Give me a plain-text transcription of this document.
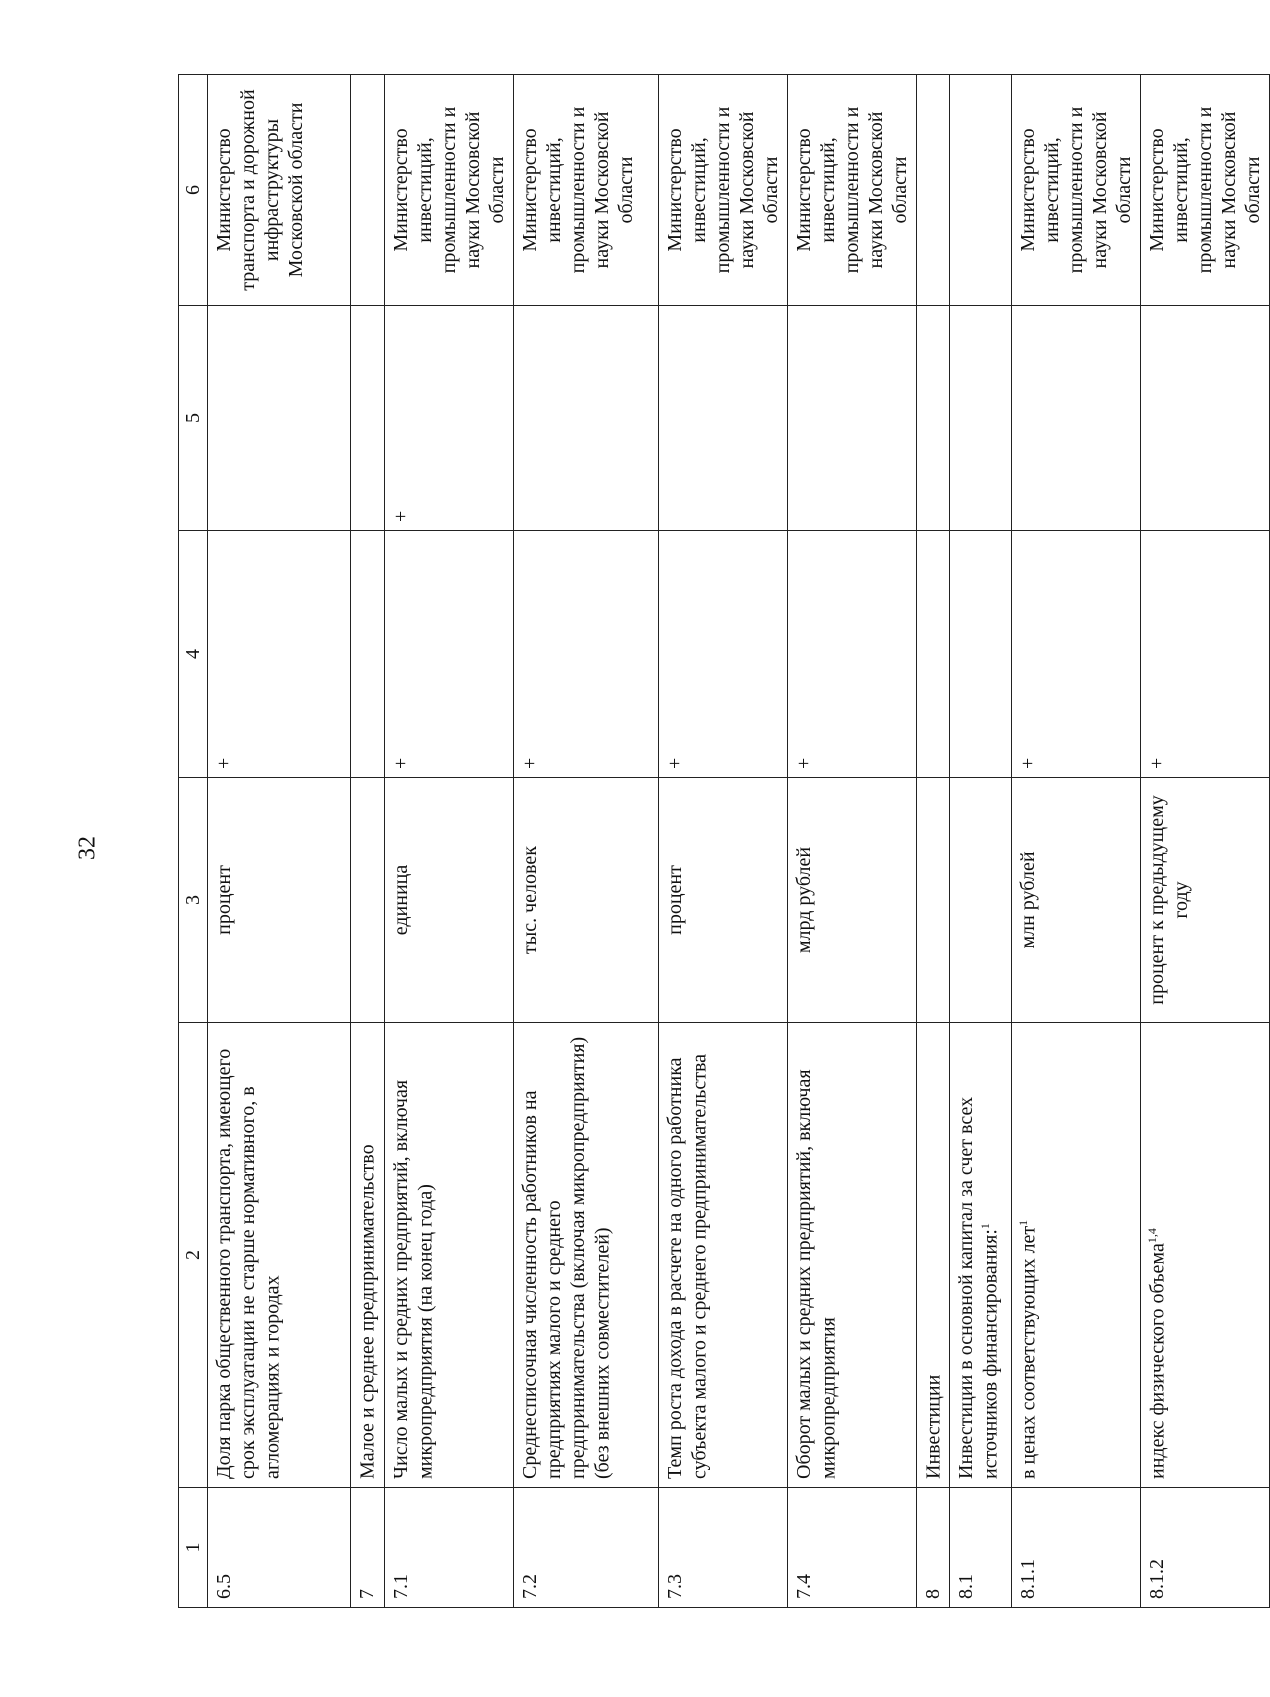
32
1	2	3	4	5	6
6.5	Доля парка общественного транспорта, имеющего срок эксплуатации не старше нормативного, в агломерациях и городах	процент	+		Министерство транспорта и дорожной инфраструктуры Московской области
7	Малое и среднее предпринимательство				
7.1	Число малых и средних предприятий, включая микропредприятия (на конец года)	единица	+	+	Министерство инвестиций, промышленности и науки Московской области
7.2	Среднесписочная численность работников на предприятиях малого и среднего предпринимательства (включая микропредприятия) (без внешних совместителей)	тыс. человек	+		Министерство инвестиций, промышленности и науки Московской области
7.3	Темп роста дохода в расчете на одного работника субъекта малого и среднего предпринимательства	процент	+		Министерство инвестиций, промышленности и науки Московской области
7.4	Оборот малых и средних предприятий, включая микропредприятия	млрд рублей	+		Министерство инвестиций, промышленности и науки Московской области
8	Инвестиции				
8.1	Инвестиции в основной капитал за счет всех источников финансирования:$^1$				
8.1.1	в ценах соответствующих лет$^1$	млн рублей	+		Министерство инвестиций, промышленности и науки Московской области
8.1.2	индекс физического объема$^{1,4}$	процент к предыдущему году	+		Министерство инвестиций, промышленности и науки Московской области
